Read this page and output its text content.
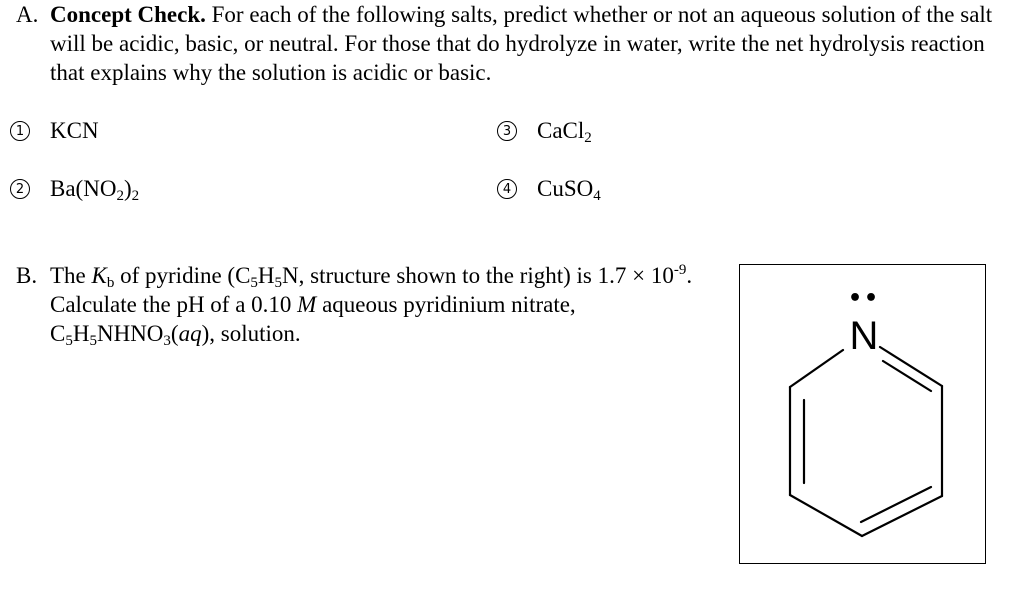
A. Concept Check. For each of the following salts, predict whether or not an aqueous solution of the salt will be acidic, basic, or neutral. For those that do hydrolyze in water, write the net hydrolysis reaction that explains why the solution is acidic or basic.
1 KCN
2 $Ba(NO_2)_2$
3 CaCl$_2$
4 CuSO$_4$
B. The $K_b$ of pyridine ($C_5H_5N$, structure shown to the right) is $1.7 \times 10^{-9}$. Calculate the pH of a 0.10 M aqueous pyridinium nitrate, $C_5H_5NHNO_3(aq)$, solution.
••
N
